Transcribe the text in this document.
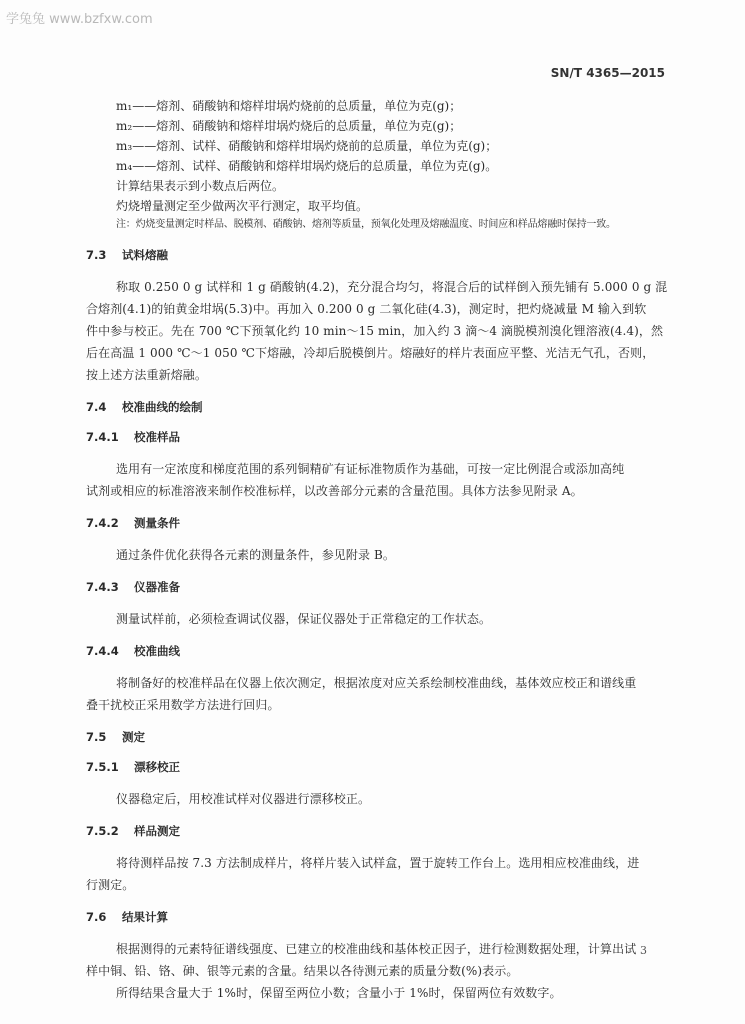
学兔兔 www.bzfxw.com
SN/T 4365—2015
m₁——熔剂、硝酸钠和熔样坩埚灼烧前的总质量，单位为克(g)；
m₂——熔剂、硝酸钠和熔样坩埚灼烧后的总质量，单位为克(g)；
m₃——熔剂、试样、硝酸钠和熔样坩埚灼烧前的总质量，单位为克(g)；
m₄——熔剂、试样、硝酸钠和熔样坩埚灼烧后的总质量，单位为克(g)。
计算结果表示到小数点后两位。
灼烧增量测定至少做两次平行测定，取平均值。
注：灼烧变量测定时样品、脱模剂、硝酸钠、熔剂等质量，预氧化处理及熔融温度、时间应和样品熔融时保持一致。
7.3 试料熔融
称取 0.250 0 g 试样和 1 g 硝酸钠(4.2)，充分混合均匀，将混合后的试样倒入预先铺有 5.000 0 g 混
合熔剂(4.1)的铂黄金坩埚(5.3)中。再加入 0.200 0 g 二氧化硅(4.3)，测定时，把灼烧减量 M 输入到软
件中参与校正。先在 700 ℃下预氧化约 10 min～15 min，加入约 3 滴～4 滴脱模剂溴化锂溶液(4.4)，然
后在高温 1 000 ℃～1 050 ℃下熔融，冷却后脱模倒片。熔融好的样片表面应平整、光洁无气孔，否则，
按上述方法重新熔融。
7.4 校准曲线的绘制
7.4.1 校准样品
选用有一定浓度和梯度范围的系列铜精矿有证标准物质作为基础，可按一定比例混合或添加高纯
试剂或相应的标准溶液来制作校准标样，以改善部分元素的含量范围。具体方法参见附录 A。
7.4.2 测量条件
通过条件优化获得各元素的测量条件，参见附录 B。
7.4.3 仪器准备
测量试样前，必须检查调试仪器，保证仪器处于正常稳定的工作状态。
7.4.4 校准曲线
将制备好的校准样品在仪器上依次测定，根据浓度对应关系绘制校准曲线，基体效应校正和谱线重
叠干扰校正采用数学方法进行回归。
7.5 测定
7.5.1 漂移校正
仪器稳定后，用校准试样对仪器进行漂移校正。
7.5.2 样品测定
将待测样品按 7.3 方法制成样片，将样片装入试样盒，置于旋转工作台上。选用相应校准曲线，进
行测定。
7.6 结果计算
根据测得的元素特征谱线强度、已建立的校准曲线和基体校正因子，进行检测数据处理，计算出试
样中铜、铅、铬、砷、银等元素的含量。结果以各待测元素的质量分数(%)表示。
所得结果含量大于 1%时，保留至两位小数；含量小于 1%时，保留两位有效数字。
3
